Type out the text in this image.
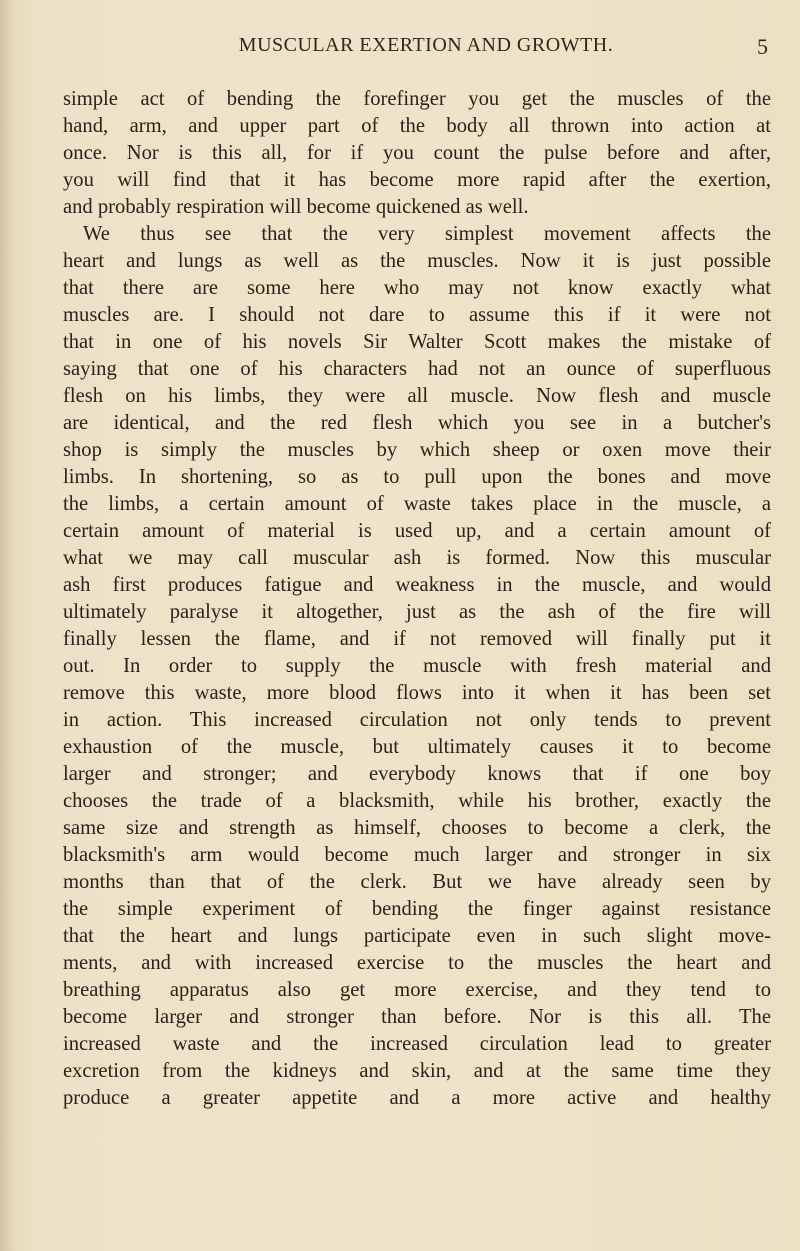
MUSCULAR EXERTION AND GROWTH.	5
simple act of bending the forefinger you get the muscles of the
hand, arm, and upper part of the body all thrown into action at
once. Nor is this all, for if you count the pulse before and after,
you will find that it has become more rapid after the exertion,
and probably respiration will become quickened as well.
We thus see that the very simplest movement affects the
heart and lungs as well as the muscles. Now it is just possible
that there are some here who may not know exactly what
muscles are. I should not dare to assume this if it were not
that in one of his novels Sir Walter Scott makes the mistake of
saying that one of his characters had not an ounce of superfluous
flesh on his limbs, they were all muscle. Now flesh and muscle
are identical, and the red flesh which you see in a butcher's
shop is simply the muscles by which sheep or oxen move their
limbs. In shortening, so as to pull upon the bones and move
the limbs, a certain amount of waste takes place in the muscle, a
certain amount of material is used up, and a certain amount of
what we may call muscular ash is formed. Now this muscular
ash first produces fatigue and weakness in the muscle, and would
ultimately paralyse it altogether, just as the ash of the fire will
finally lessen the flame, and if not removed will finally put it
out. In order to supply the muscle with fresh material and
remove this waste, more blood flows into it when it has been set
in action. This increased circulation not only tends to prevent
exhaustion of the muscle, but ultimately causes it to become
larger and stronger; and everybody knows that if one boy
chooses the trade of a blacksmith, while his brother, exactly the
same size and strength as himself, chooses to become a clerk, the
blacksmith's arm would become much larger and stronger in six
months than that of the clerk. But we have already seen by
the simple experiment of bending the finger against resistance
that the heart and lungs participate even in such slight move-
ments, and with increased exercise to the muscles the heart and
breathing apparatus also get more exercise, and they tend to
become larger and stronger than before. Nor is this all. The
increased waste and the increased circulation lead to greater
excretion from the kidneys and skin, and at the same time they
produce a greater appetite and a more active and healthy
